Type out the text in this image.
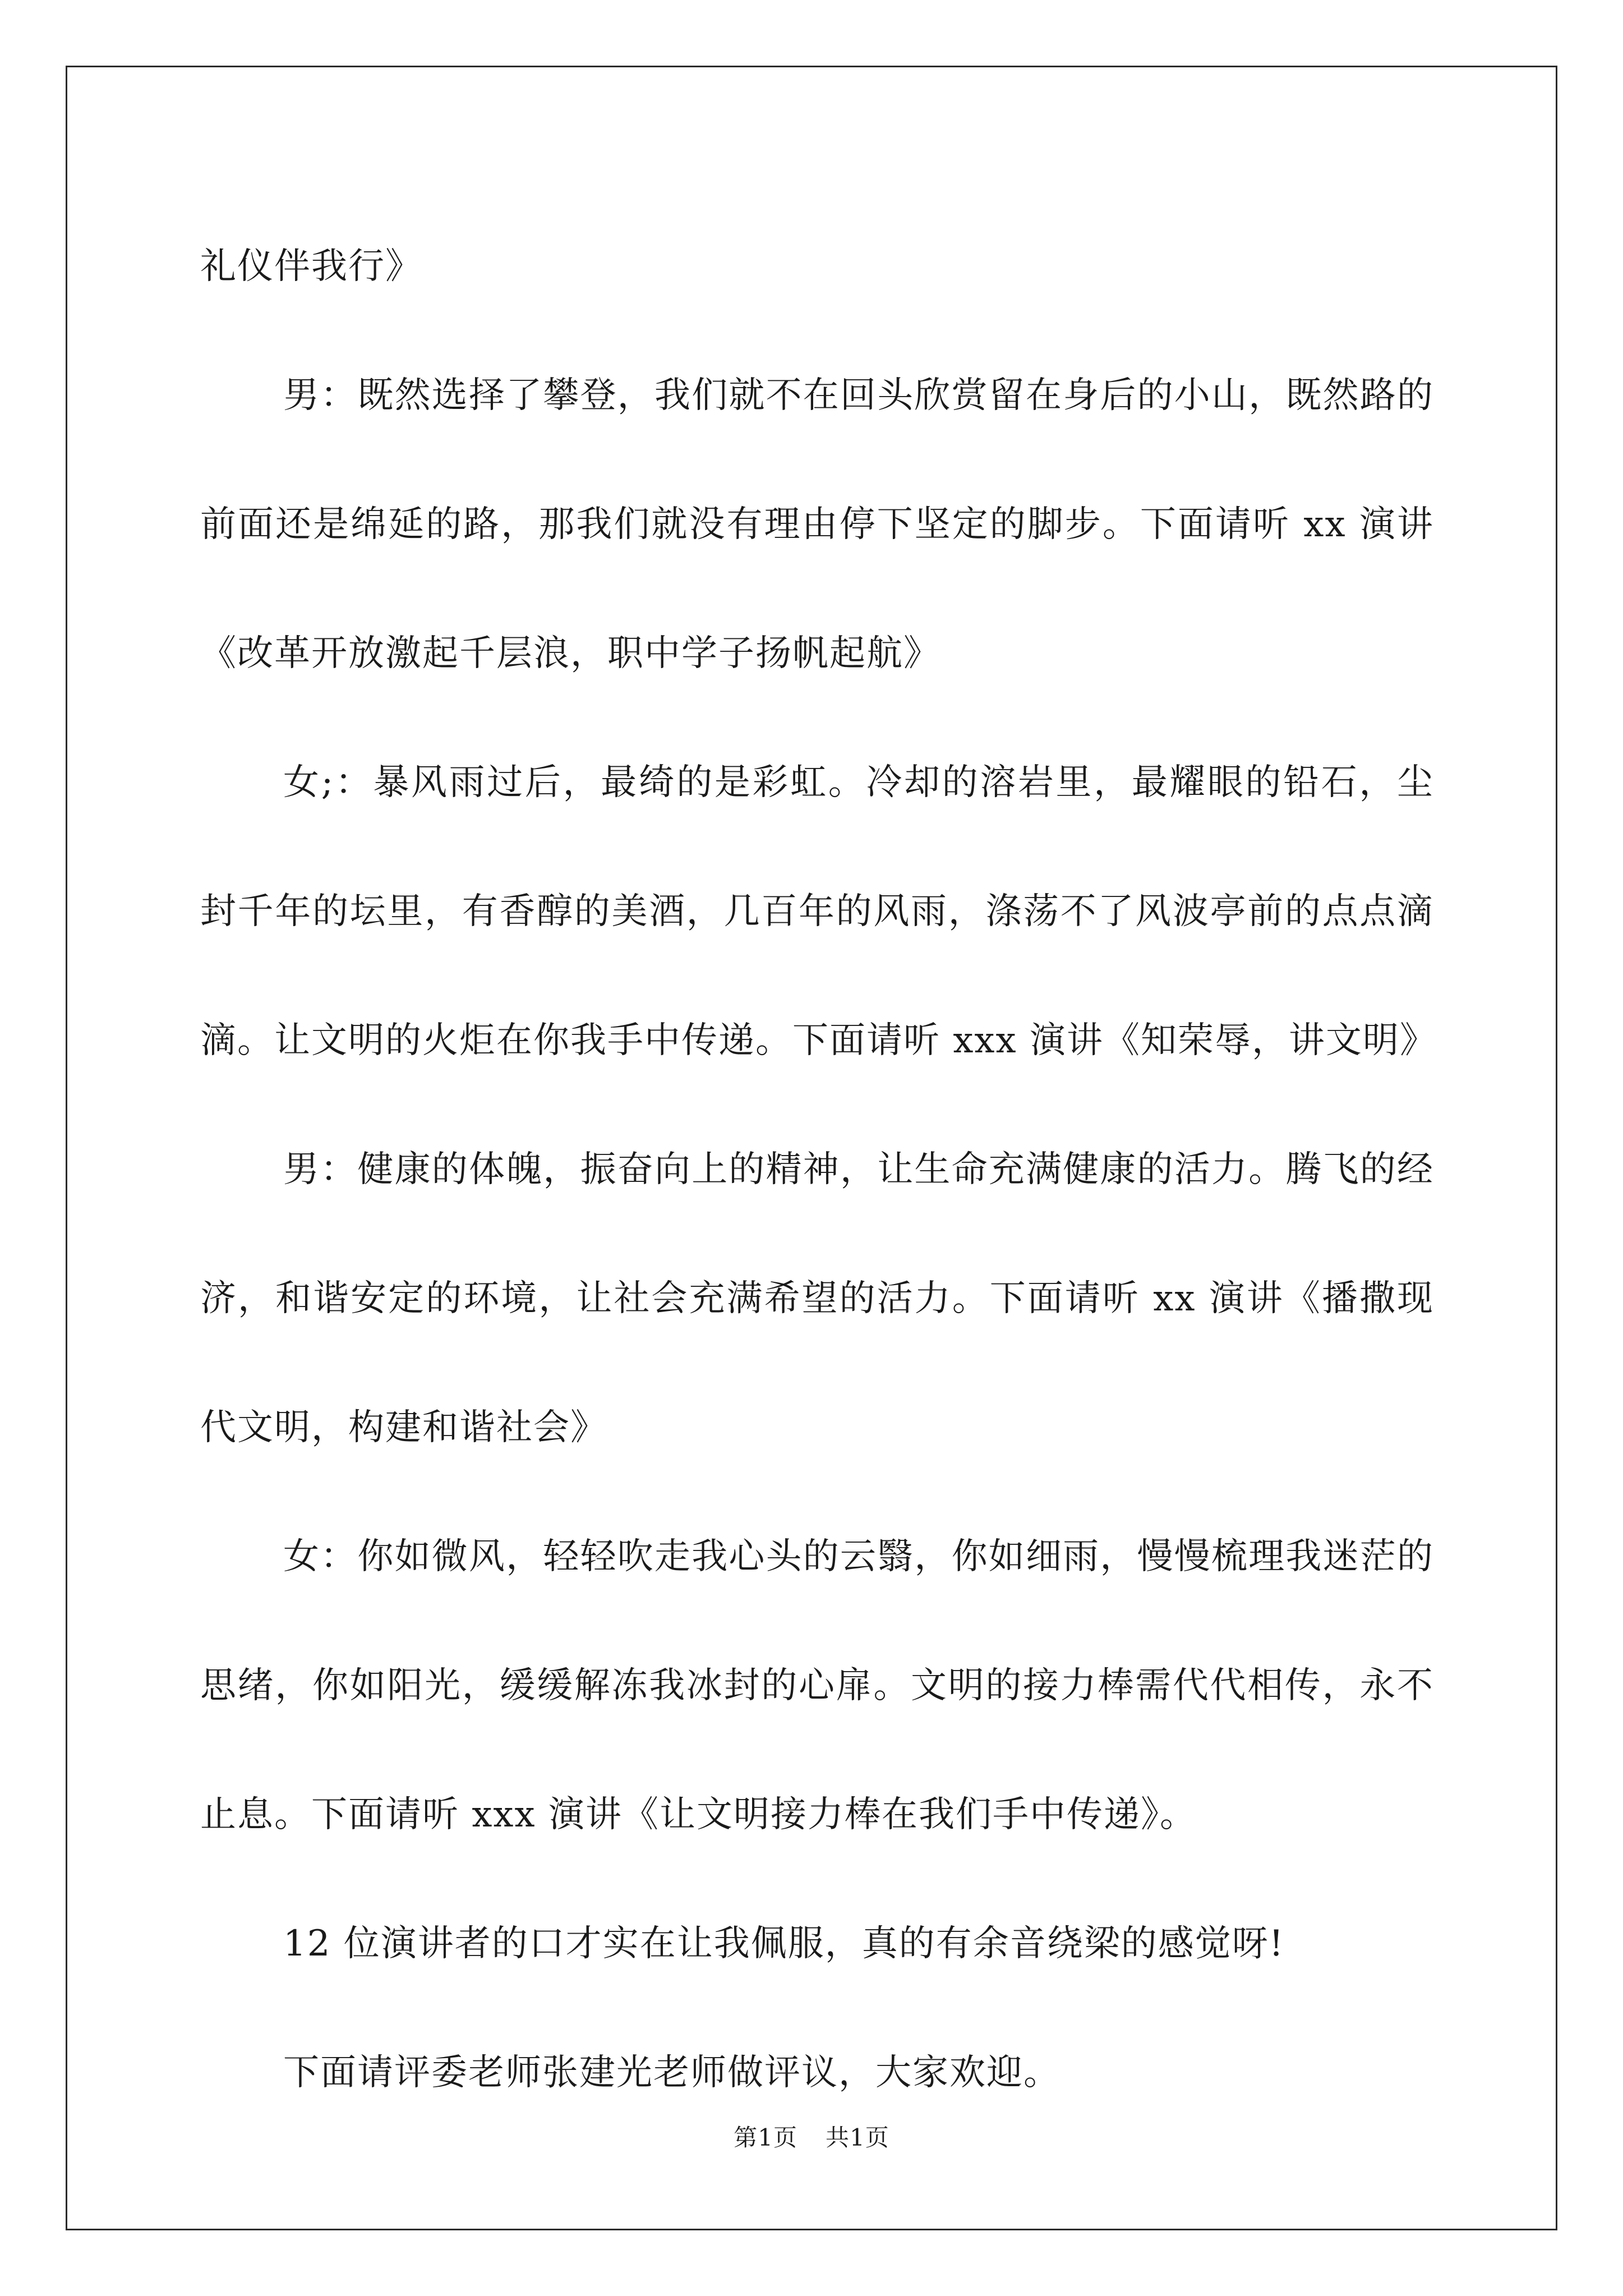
礼仪伴我行》

男：既然选择了攀登，我们就不在回头欣赏留在身后的小山，既然路的前面还是绵延的路，那我们就没有理由停下坚定的脚步。下面请听 xx 演讲《改革开放激起千层浪，职中学子扬帆起航》

女;：暴风雨过后，最绮的是彩虹。冷却的溶岩里，最耀眼的铅石，尘封千年的坛里，有香醇的美酒，几百年的风雨，涤荡不了风波亭前的点点滴滴。让文明的火炬在你我手中传递。下面请听 xxx 演讲《知荣辱，讲文明》

男：健康的体魄，振奋向上的精神，让生命充满健康的活力。腾飞的经济，和谐安定的环境，让社会充满希望的活力。下面请听 xx 演讲《播撒现代文明，构建和谐社会》

女：你如微风，轻轻吹走我心头的云翳，你如细雨，慢慢梳理我迷茫的思绪，你如阳光，缓缓解冻我冰封的心扉。文明的接力棒需代代相传，永不止息。下面请听 xxx 演讲《让文明接力棒在我们手中传递》。

12 位演讲者的口才实在让我佩服，真的有余音绕梁的感觉呀!

下面请评委老师张建光老师做评议，大家欢迎。

第1页 共1页
